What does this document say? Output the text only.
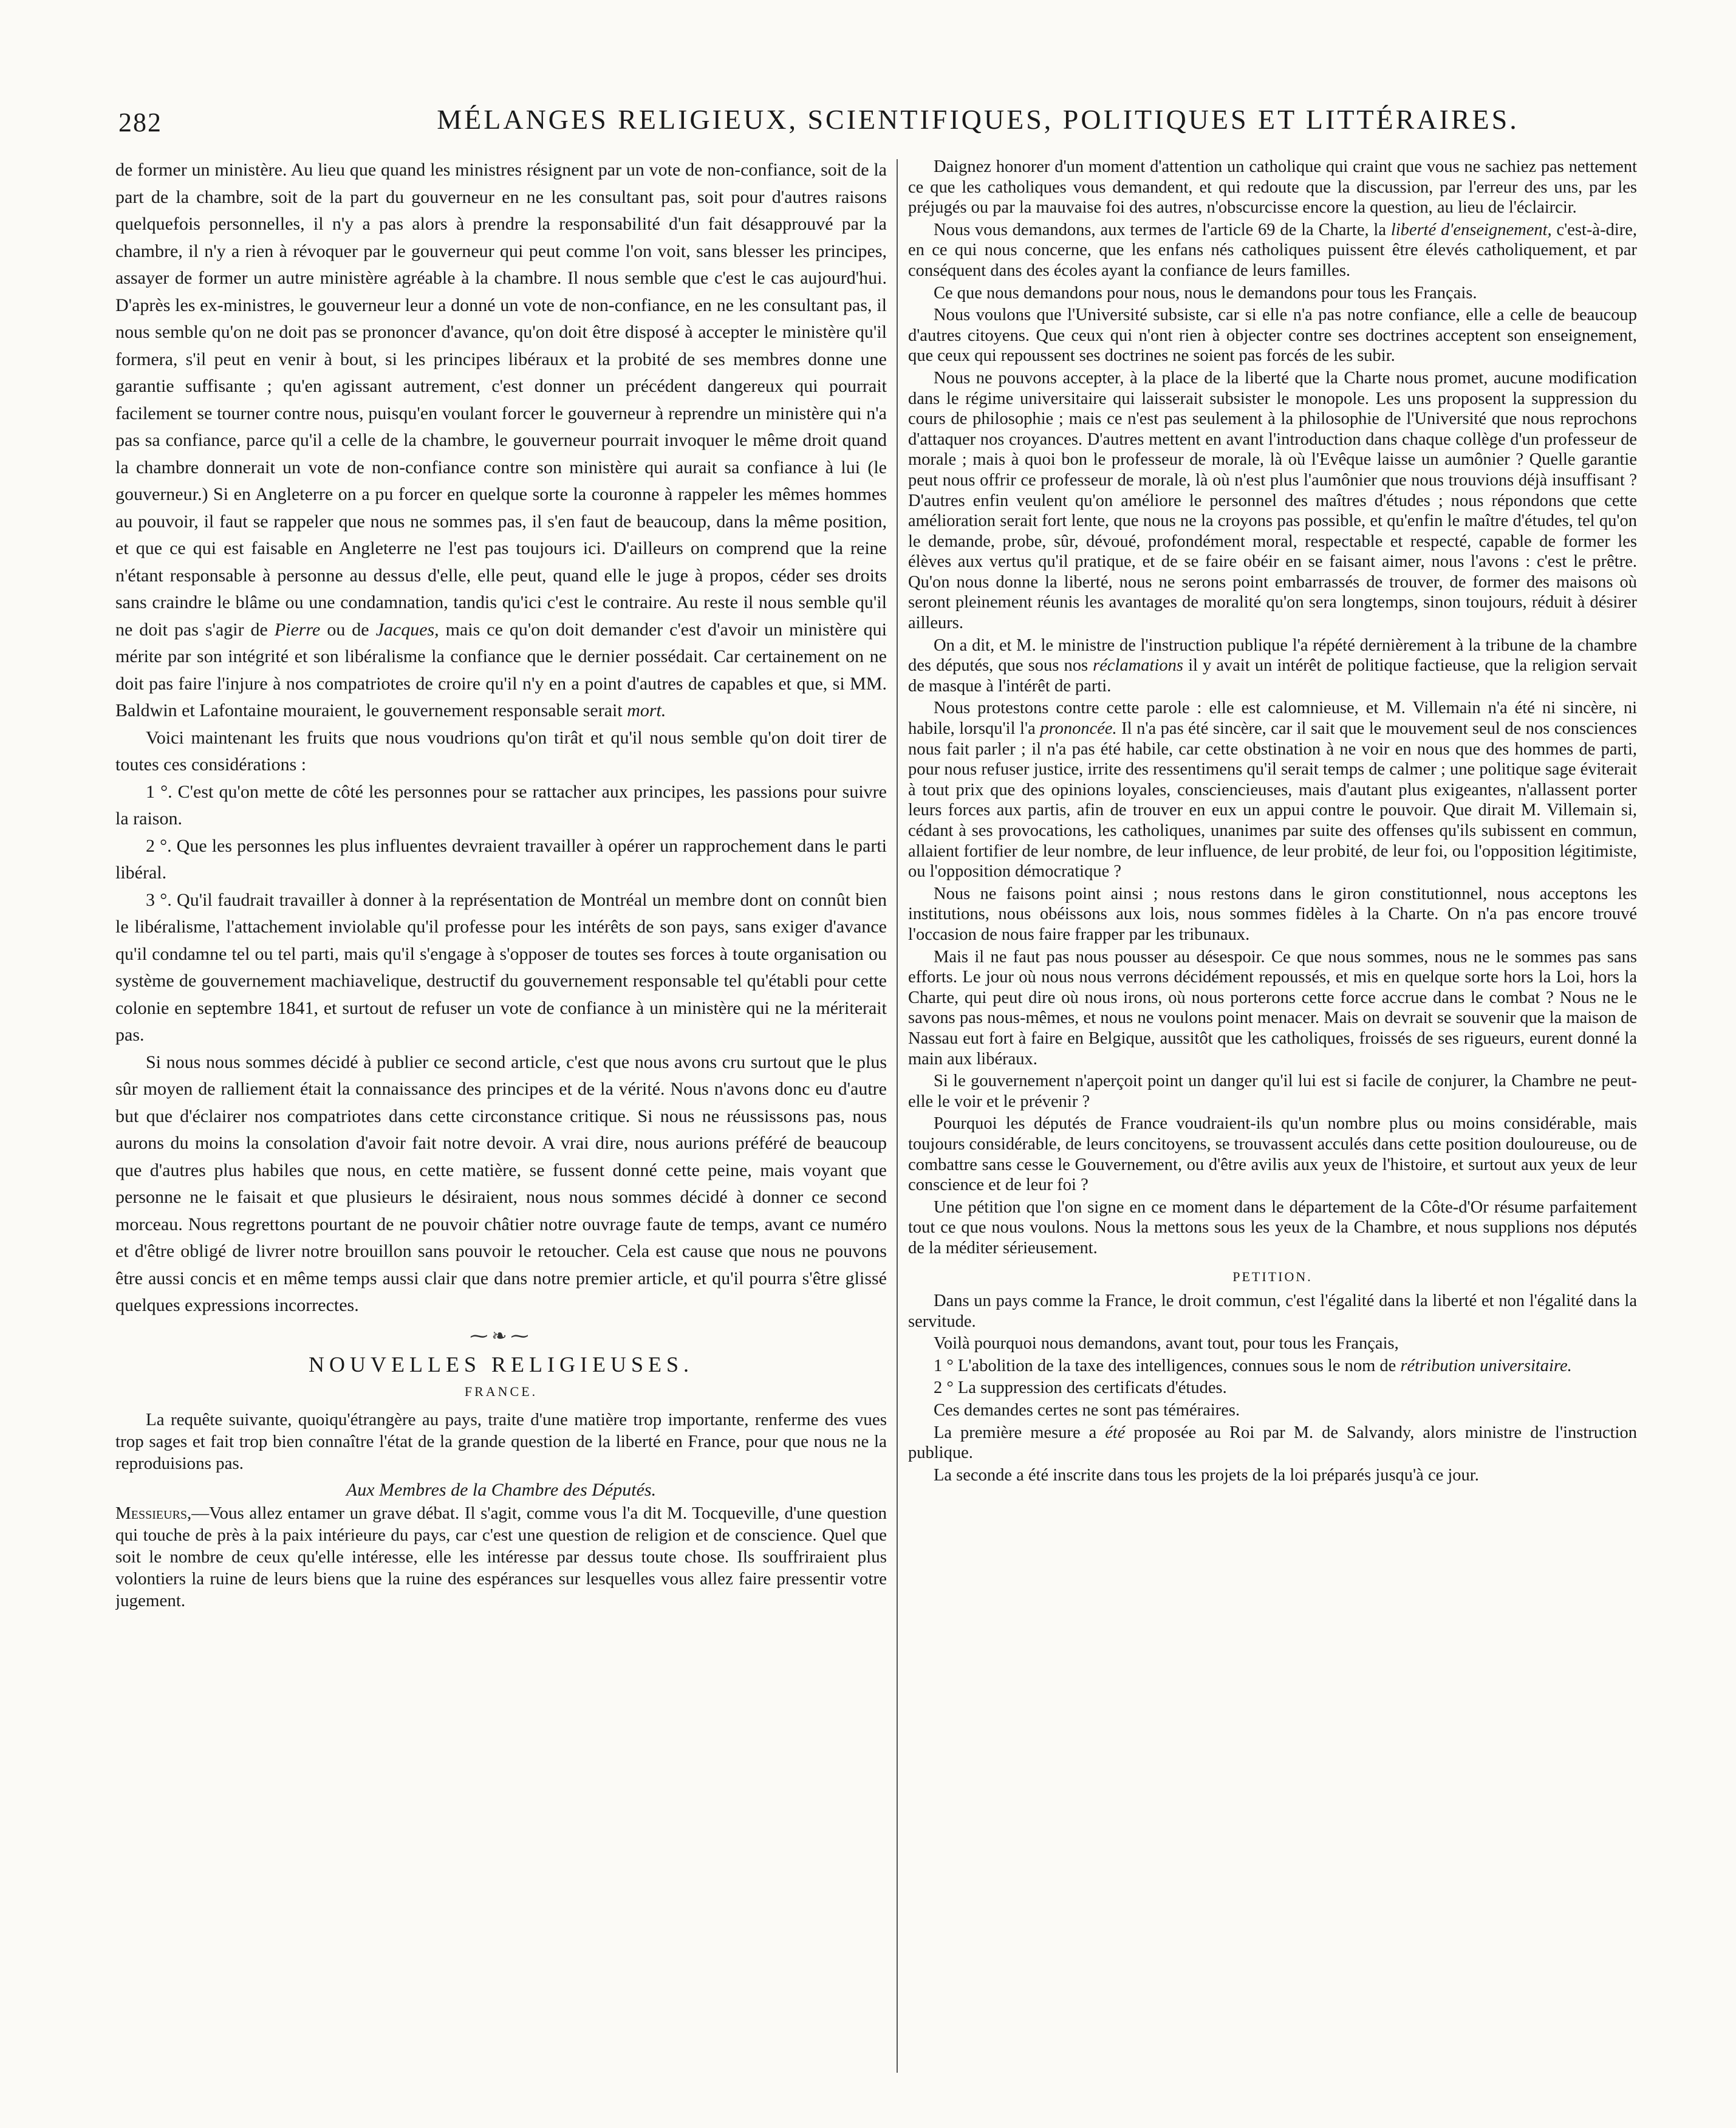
282	MÉLANGES RELIGIEUX, SCIENTIFIQUES, POLITIQUES ET LITTÉRAIRES.

de former un ministère. Au lieu que quand les ministres résignent par un vote de non-confiance, soit de la part de la chambre, soit de la part du gouverneur en ne les consultant pas, soit pour d'autres raisons quelquefois personnelles, il n'y a pas alors à prendre la responsabilité d'un fait désapprouvé par la chambre, il n'y a rien à révoquer par le gouverneur qui peut comme l'on voit, sans blesser les principes, assayer de former un autre ministère agréable à la chambre. Il nous semble que c'est le cas aujourd'hui. D'après les ex-ministres, le gouverneur leur a donné un vote de non-confiance, en ne les consultant pas, il nous semble qu'on ne doit pas se prononcer d'avance, qu'on doit être disposé à accepter le ministère qu'il formera, s'il peut en venir à bout, si les principes libéraux et la probité de ses membres donne une garantie suffisante ; qu'en agissant autrement, c'est donner un précédent dangereux qui pourrait facilement se tourner contre nous, puisqu'en voulant forcer le gouverneur à reprendre un ministère qui n'a pas sa confiance, parce qu'il a celle de la chambre, le gouverneur pourrait invoquer le même droit quand la chambre donnerait un vote de non-confiance contre son ministère qui aurait sa confiance à lui (le gouverneur.) Si en Angleterre on a pu forcer en quelque sorte la couronne à rappeler les mêmes hommes au pouvoir, il faut se rappeler que nous ne sommes pas, il s'en faut de beaucoup, dans la même position, et que ce qui est faisable en Angleterre ne l'est pas toujours ici. D'ailleurs on comprend que la reine n'étant responsable à personne au dessus d'elle, elle peut, quand elle le juge à propos, céder ses droits sans craindre le blâme ou une condamnation, tandis qu'ici c'est le contraire. Au reste il nous semble qu'il ne doit pas s'agir de Pierre ou de Jacques, mais ce qu'on doit demander c'est d'avoir un ministère qui mérite par son intégrité et son libéralisme la confiance que le dernier possédait. Car certainement on ne doit pas faire l'injure à nos compatriotes de croire qu'il n'y en a point d'autres de capables et que, si MM. Baldwin et Lafontaine mouraient, le gouvernement responsable serait mort.

Voici maintenant les fruits que nous voudrions qu'on tirât et qu'il nous semble qu'on doit tirer de toutes ces considérations :

1 °. C'est qu'on mette de côté les personnes pour se rattacher aux principes, les passions pour suivre la raison.

2 °. Que les personnes les plus influentes devraient travailler à opérer un rapprochement dans le parti libéral.

3 °. Qu'il faudrait travailler à donner à la représentation de Montréal un membre dont on connût bien le libéralisme, l'attachement inviolable qu'il professe pour les intérêts de son pays, sans exiger d'avance qu'il condamne tel ou tel parti, mais qu'il s'engage à s'opposer de toutes ses forces à toute organisation ou système de gouvernement machiavelique, destructif du gouvernement responsable tel qu'établi pour cette colonie en septembre 1841, et surtout de refuser un vote de confiance à un ministère qui ne la mériterait pas.

Si nous nous sommes décidé à publier ce second article, c'est que nous avons cru surtout que le plus sûr moyen de ralliement était la connaissance des principes et de la vérité. Nous n'avons donc eu d'autre but que d'éclairer nos compatriotes dans cette circonstance critique. Si nous ne réussissons pas, nous aurons du moins la consolation d'avoir fait notre devoir. A vrai dire, nous aurions préféré de beaucoup que d'autres plus habiles que nous, en cette matière, se fussent donné cette peine, mais voyant que personne ne le faisait et que plusieurs le désiraient, nous nous sommes décidé à donner ce second morceau. Nous regrettons pourtant de ne pouvoir châtier notre ouvrage faute de temps, avant ce numéro et d'être obligé de livrer notre brouillon sans pouvoir le retoucher. Cela est cause que nous ne pouvons être aussi concis et en même temps aussi clair que dans notre premier article, et qu'il pourra s'être glissé quelques expressions incorrectes.

⁓❧⁓
NOUVELLES RELIGIEUSES.
FRANCE.

La requête suivante, quoiqu'étrangère au pays, traite d'une matière trop importante, renferme des vues trop sages et fait trop bien connaître l'état de la grande question de la liberté en France, pour que nous ne la reproduisions pas.

Aux Membres de la Chambre des Députés.

Messieurs,—Vous allez entamer un grave débat. Il s'agit, comme vous l'a dit M. Tocqueville, d'une question qui touche de près à la paix intérieure du pays, car c'est une question de religion et de conscience. Quel que soit le nombre de ceux qu'elle intéresse, elle les intéresse par dessus toute chose. Ils souffriraient plus volontiers la ruine de leurs biens que la ruine des espérances sur lesquelles vous allez faire pressentir votre jugement.

Daignez honorer d'un moment d'attention un catholique qui craint que vous ne sachiez pas nettement ce que les catholiques vous demandent, et qui redoute que la discussion, par l'erreur des uns, par les préjugés ou par la mauvaise foi des autres, n'obscurcisse encore la question, au lieu de l'éclaircir.

Nous vous demandons, aux termes de l'article 69 de la Charte, la liberté d'enseignement, c'est-à-dire, en ce qui nous concerne, que les enfans nés catholiques puissent être élevés catholiquement, et par conséquent dans des écoles ayant la confiance de leurs familles.

Ce que nous demandons pour nous, nous le demandons pour tous les Français.

Nous voulons que l'Université subsiste, car si elle n'a pas notre confiance, elle a celle de beaucoup d'autres citoyens. Que ceux qui n'ont rien à objecter contre ses doctrines acceptent son enseignement, que ceux qui repoussent ses doctrines ne soient pas forcés de les subir.

Nous ne pouvons accepter, à la place de la liberté que la Charte nous promet, aucune modification dans le régime universitaire qui laisserait subsister le monopole. Les uns proposent la suppression du cours de philosophie ; mais ce n'est pas seulement à la philosophie de l'Université que nous reprochons d'attaquer nos croyances. D'autres mettent en avant l'introduction dans chaque collège d'un professeur de morale ; mais à quoi bon le professeur de morale, là où l'Evêque laisse un aumônier ? Quelle garantie peut nous offrir ce professeur de morale, là où n'est plus l'aumônier que nous trouvions déjà insuffisant ? D'autres enfin veulent qu'on améliore le personnel des maîtres d'études ; nous répondons que cette amélioration serait fort lente, que nous ne la croyons pas possible, et qu'enfin le maître d'études, tel qu'on le demande, probe, sûr, dévoué, profondément moral, respectable et respecté, capable de former les élèves aux vertus qu'il pratique, et de se faire obéir en se faisant aimer, nous l'avons : c'est le prêtre. Qu'on nous donne la liberté, nous ne serons point embarrassés de trouver, de former des maisons où seront pleinement réunis les avantages de moralité qu'on sera longtemps, sinon toujours, réduit à désirer ailleurs.

On a dit, et M. le ministre de l'instruction publique l'a répété dernièrement à la tribune de la chambre des députés, que sous nos réclamations il y avait un intérêt de politique factieuse, que la religion servait de masque à l'intérêt de parti.

Nous protestons contre cette parole : elle est calomnieuse, et M. Villemain n'a été ni sincère, ni habile, lorsqu'il l'a prononcée. Il n'a pas été sincère, car il sait que le mouvement seul de nos consciences nous fait parler ; il n'a pas été habile, car cette obstination à ne voir en nous que des hommes de parti, pour nous refuser justice, irrite des ressentimens qu'il serait temps de calmer ; une politique sage éviterait à tout prix que des opinions loyales, consciencieuses, mais d'autant plus exigeantes, n'allassent porter leurs forces aux partis, afin de trouver en eux un appui contre le pouvoir. Que dirait M. Villemain si, cédant à ses provocations, les catholiques, unanimes par suite des offenses qu'ils subissent en commun, allaient fortifier de leur nombre, de leur influence, de leur probité, de leur foi, ou l'opposition légitimiste, ou l'opposition démocratique ?

Nous ne faisons point ainsi ; nous restons dans le giron constitutionnel, nous acceptons les institutions, nous obéissons aux lois, nous sommes fidèles à la Charte. On n'a pas encore trouvé l'occasion de nous faire frapper par les tribunaux.

Mais il ne faut pas nous pousser au désespoir. Ce que nous sommes, nous ne le sommes pas sans efforts. Le jour où nous nous verrons décidément repoussés, et mis en quelque sorte hors la Loi, hors la Charte, qui peut dire où nous irons, où nous porterons cette force accrue dans le combat ? Nous ne le savons pas nous-mêmes, et nous ne voulons point menacer. Mais on devrait se souvenir que la maison de Nassau eut fort à faire en Belgique, aussitôt que les catholiques, froissés de ses rigueurs, eurent donné la main aux libéraux.

Si le gouvernement n'aperçoit point un danger qu'il lui est si facile de conjurer, la Chambre ne peut-elle le voir et le prévenir ?

Pourquoi les députés de France voudraient-ils qu'un nombre plus ou moins considérable, mais toujours considérable, de leurs concitoyens, se trouvassent acculés dans cette position douloureuse, ou de combattre sans cesse le Gouvernement, ou d'être avilis aux yeux de l'histoire, et surtout aux yeux de leur conscience et de leur foi ?

Une pétition que l'on signe en ce moment dans le département de la Côte-d'Or résume parfaitement tout ce que nous voulons. Nous la mettons sous les yeux de la Chambre, et nous supplions nos députés de la méditer sérieusement.

PETITION.

Dans un pays comme la France, le droit commun, c'est l'égalité dans la liberté et non l'égalité dans la servitude.

Voilà pourquoi nous demandons, avant tout, pour tous les Français,

1 ° L'abolition de la taxe des intelligences, connues sous le nom de rétribution universitaire.

2 ° La suppression des certificats d'études.

Ces demandes certes ne sont pas téméraires.

La première mesure a été proposée au Roi par M. de Salvandy, alors ministre de l'instruction publique.

La seconde a été inscrite dans tous les projets de la loi préparés jusqu'à ce jour.
